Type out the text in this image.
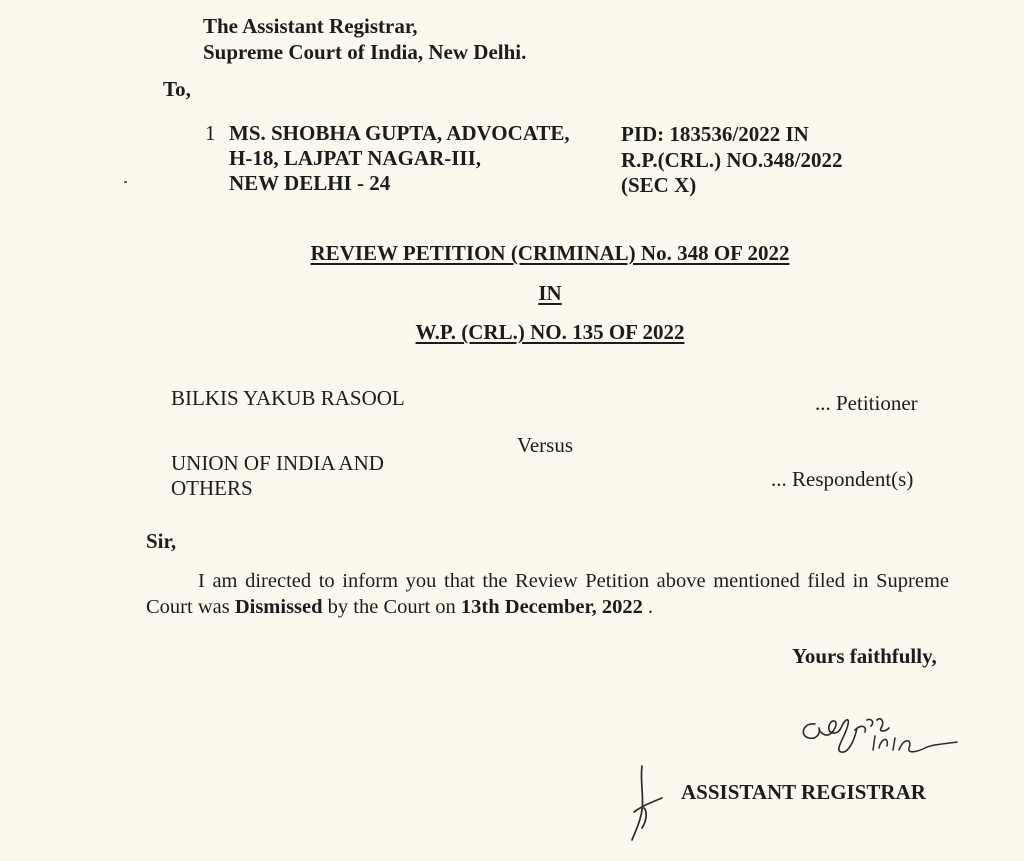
The Assistant Registrar,
Supreme Court of India, New Delhi.
To,
1 MS. SHOBHA GUPTA, ADVOCATE,
H-18, LAJPAT NAGAR-III,
NEW DELHI - 24
PID: 183536/2022 IN
R.P.(CRL.) NO.348/2022
(SEC X)
REVIEW PETITION (CRIMINAL) No. 348 OF 2022
IN
W.P. (CRL.) NO. 135 OF 2022
BILKIS YAKUB RASOOL	... Petitioner
Versus
UNION OF INDIA AND
OTHERS	... Respondent(s)
Sir,
I am directed to inform you that the Review Petition above mentioned filed in Supreme Court was Dismissed by the Court on 13th December, 2022 .
Yours faithfully,
ASSISTANT REGISTRAR
